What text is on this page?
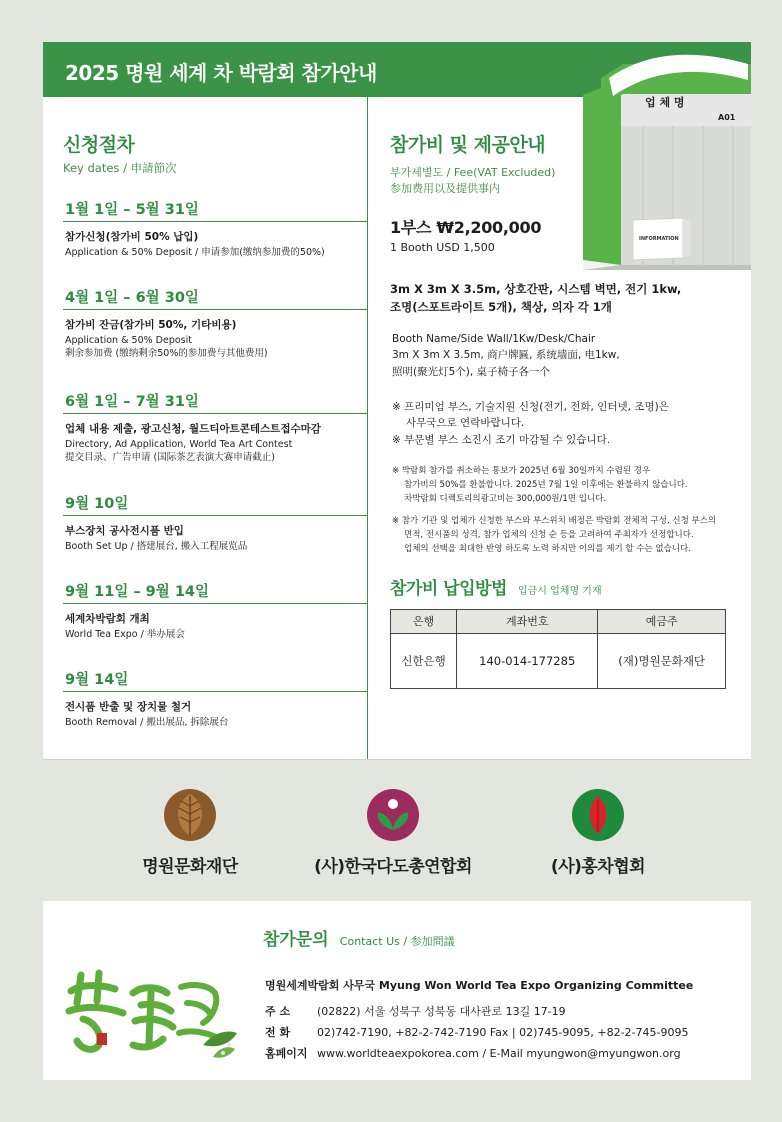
2025 명원 세계 차 박람회 참가안내
업 체 명
A01
INFORMATION
신청절차
Key dates / 申請節次
1월 1일 – 5월 31일
참가신청(참가비 50% 납입)
Application & 50% Deposit / 申请参加(缴纳参加费的50%)
4월 1일 – 6월 30일
참가비 잔금(참가비 50%, 기타비용)
Application & 50% Deposit
剩余参加费 (缴纳剩余50%的参加费与其他费用)
6월 1일 – 7월 31일
업체 내용 제출, 광고신청, 월드티아트콘테스트접수마감
Directory, Ad Application, World Tea Art Contest
提交目录、广告申请 (国际茶艺表演大赛申请截止)
9월 10일
부스장치 공사전시품 반입
Booth Set Up / 搭建展台, 搬入工程展览品
9월 11일 – 9월 14일
세계차박람회 개최
World Tea Expo / 举办展会
9월 14일
전시품 반출 및 장치물 철거
Booth Removal / 搬出展品, 拆除展台
참가비 및 제공안내
부가세별도 / Fee(VAT Excluded)
参加费用以及提供事内
1부스 ₩2,200,000
1 Booth USD 1,500
3m X 3m X 3.5m, 상호간판, 시스템 벽면, 전기 1kw,
조명(스포트라이트 5개), 책상, 의자 각 1개
Booth Name/Side Wall/1Kw/Desk/Chair
3m X 3m X 3.5m, 商户牌匾, 系统墙面, 电1kw,
照明(聚光灯5个), 桌子椅子各一个
※ 프리미엄 부스, 기술지원 신청(전기, 전화, 인터넷, 조명)은
사무국으로 연락바랍니다.
※ 부문별 부스 소진시 조기 마감될 수 있습니다.
※ 박람회 참가를 취소하는 통보가 2025년 6월 30일까지 수렴된 경우
참가비의 50%를 환불합니다. 2025년 7월 1일 이후에는 환불하지 않습니다.
차박람회 디렉토리의광고비는 300,000원/1면 입니다.
※ 참가 기관 및 업체가 신청한 부스와 부스위치 배정은 박람회 전체적 구성, 신청 부스의
면적, 전시품의 성격, 참가 업체의 신청 순 등을 고려하여 주최자가 선정합니다.
업체의 선택을 최대한 반영 하도록 노력 하지만 이의를 제기 할 수는 없습니다.
참가비 납입방법 입금시 업체명 기재
은행	계좌번호	예금주
신한은행	140-014-177285	(재)명원문화재단
명원문화재단	(사)한국다도총연합회	(사)홍차협회
참가문의 Contact Us / 参加問議
명원세계박람회 사무국 Myung Won World Tea Expo Organizing Committee
주 소 (02822) 서울 성북구 성북동 대사관로 13길 17-19
전 화 02)742-7190, +82-2-742-7190 Fax | 02)745-9095, +82-2-745-9095
홈페이지 www.worldteaexpokorea.com / E-Mail myungwon@myungwon.org
